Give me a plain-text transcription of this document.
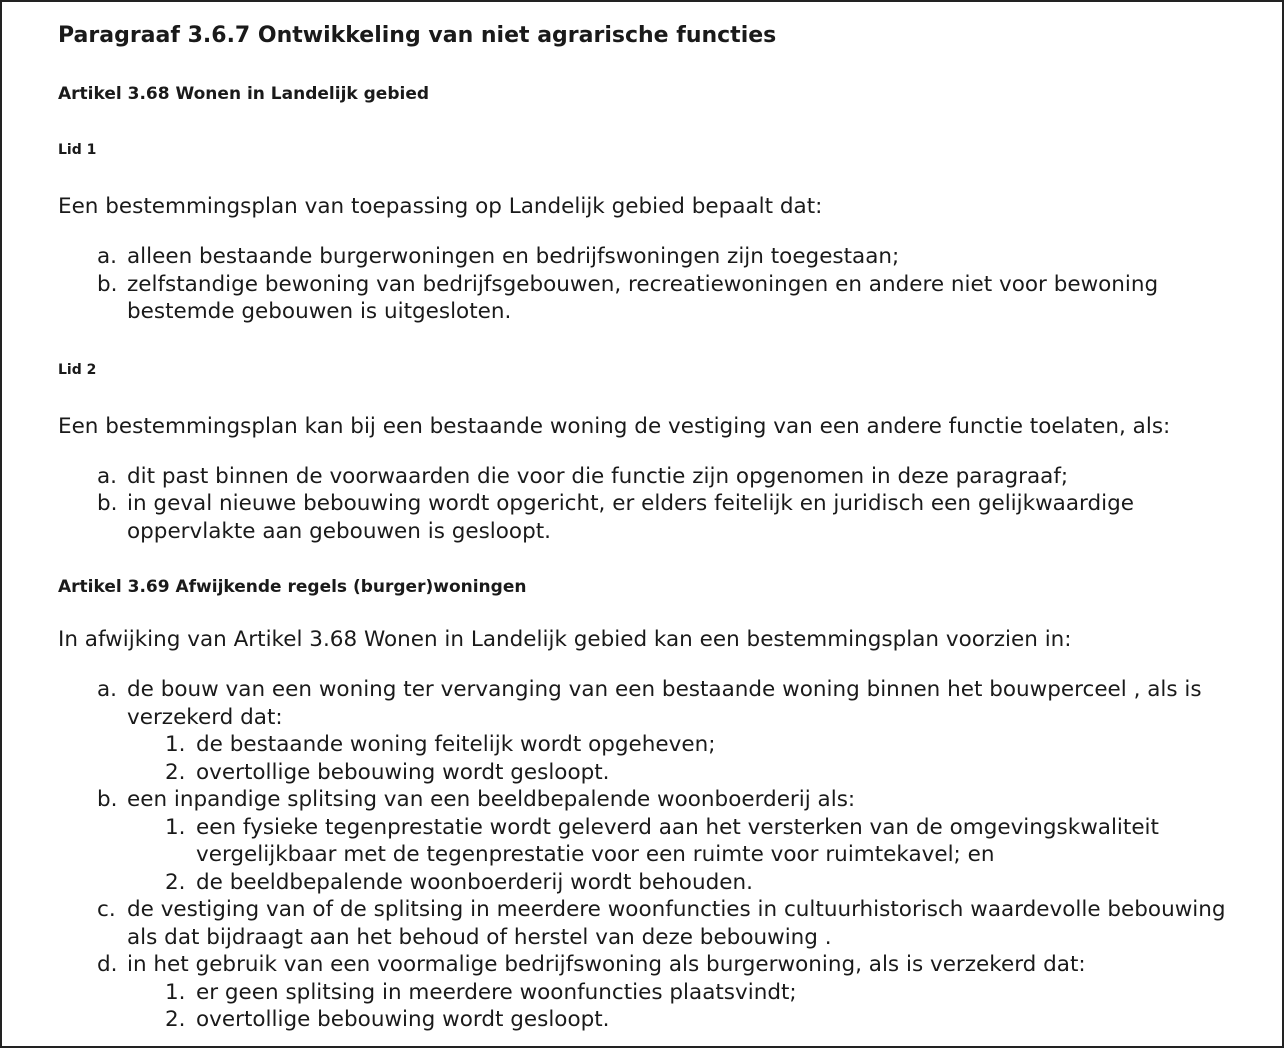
Paragraaf 3.6.7 Ontwikkeling van niet agrarische functies
Artikel 3.68 Wonen in Landelijk gebied
Lid 1

Een bestemmingsplan van toepassing op Landelijk gebied bepaalt dat:

a. alleen bestaande burgerwoningen en bedrijfswoningen zijn toegestaan;
b. zelfstandige bewoning van bedrijfsgebouwen, recreatiewoningen en andere niet voor bewoning bestemde gebouwen is uitgesloten.
Lid 2

Een bestemmingsplan kan bij een bestaande woning de vestiging van een andere functie toelaten, als:

a. dit past binnen de voorwaarden die voor die functie zijn opgenomen in deze paragraaf;
b. in geval nieuwe bebouwing wordt opgericht, er elders feitelijk en juridisch een gelijkwaardige oppervlakte aan gebouwen is gesloopt.
Artikel 3.69 Afwijkende regels (burger)woningen

In afwijking van Artikel 3.68 Wonen in Landelijk gebied kan een bestemmingsplan voorzien in:

a. de bouw van een woning ter vervanging van een bestaande woning binnen het bouwperceel , als is verzekerd dat:
1. de bestaande woning feitelijk wordt opgeheven;
2. overtollige bebouwing wordt gesloopt.
b. een inpandige splitsing van een beeldbepalende woonboerderij als:
1. een fysieke tegenprestatie wordt geleverd aan het versterken van de omgevingskwaliteit vergelijkbaar met de tegenprestatie voor een ruimte voor ruimtekavel; en
2. de beeldbepalende woonboerderij wordt behouden.
c. de vestiging van of de splitsing in meerdere woonfuncties in cultuurhistorisch waardevolle bebouwing als dat bijdraagt aan het behoud of herstel van deze bebouwing .
d. in het gebruik van een voormalige bedrijfswoning als burgerwoning, als is verzekerd dat:
1. er geen splitsing in meerdere woonfuncties plaatsvindt;
2. overtollige bebouwing wordt gesloopt.
